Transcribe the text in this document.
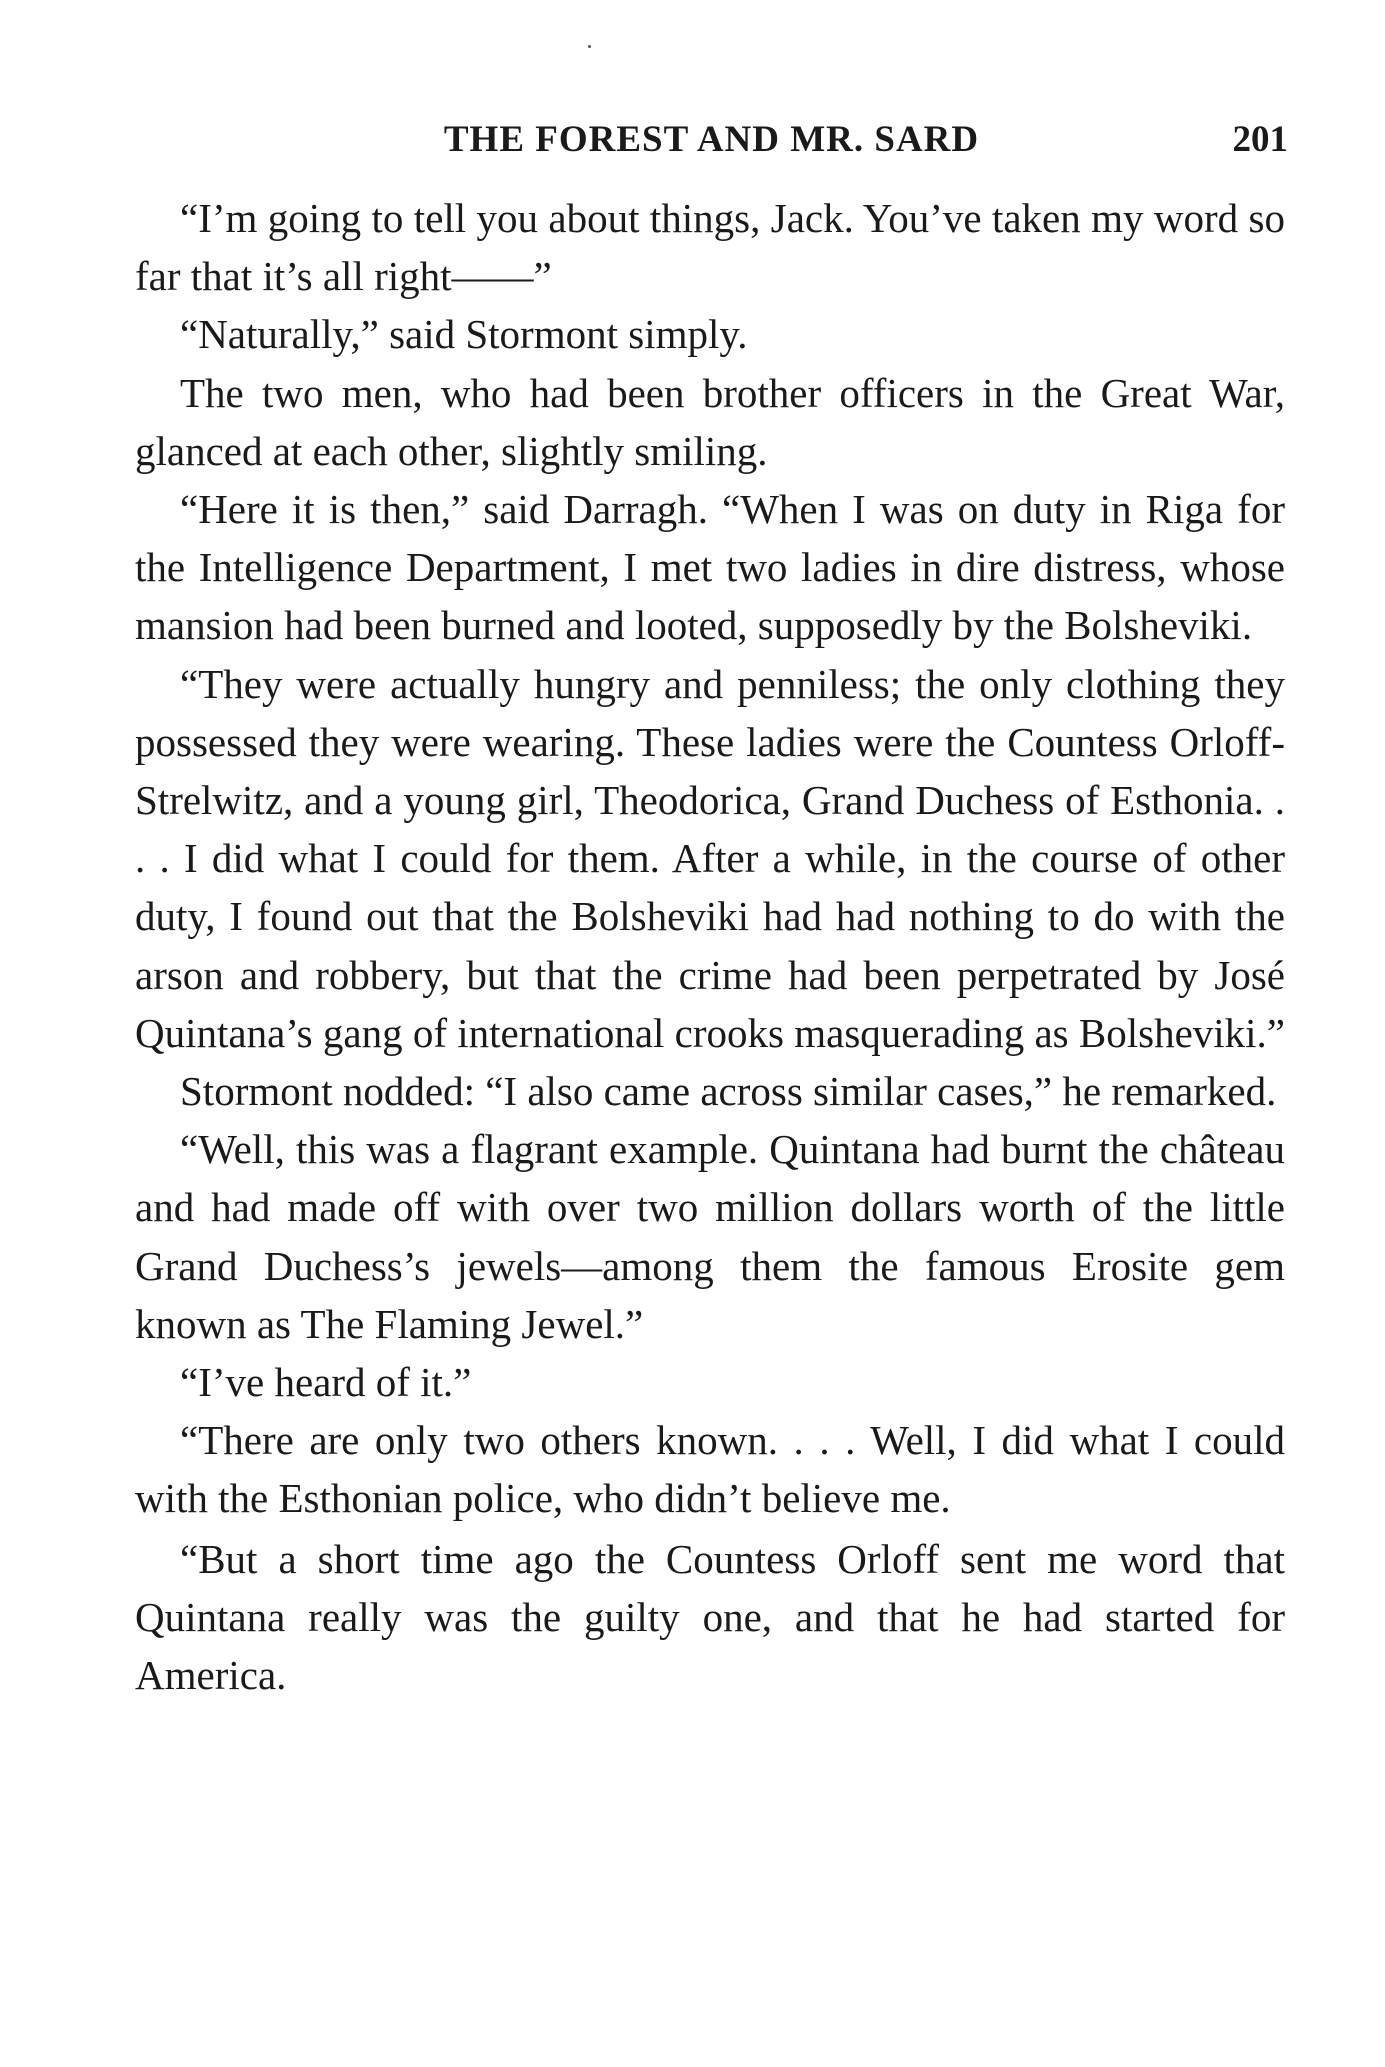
THE FOREST AND MR. SARD	201

“I’m going to tell you about things, Jack. You’ve taken my word so far that it’s all right——”

“Naturally,” said Stormont simply.

The two men, who had been brother officers in the Great War, glanced at each other, slightly smiling.

“Here it is then,” said Darragh. “When I was on duty in Riga for the Intelligence Department, I met two ladies in dire distress, whose mansion had been burned and looted, supposedly by the Bolsheviki.

“They were actually hungry and penniless; the only clothing they possessed they were wearing. These ladies were the Countess Orloff-Strelwitz, and a young girl, Theodorica, Grand Duchess of Esthonia. . . . I did what I could for them. After a while, in the course of other duty, I found out that the Bolsheviki had had nothing to do with the arson and robbery, but that the crime had been perpetrated by José Quintana’s gang of international crooks masquerading as Bolsheviki.”

Stormont nodded: “I also came across similar cases,” he remarked.

“Well, this was a flagrant example. Quintana had burnt the château and had made off with over two million dollars worth of the little Grand Duchess’s jewels—among them the famous Erosite gem known as The Flaming Jewel.”

“I’ve heard of it.”

“There are only two others known. . . . Well, I did what I could with the Esthonian police, who didn’t believe me.

“But a short time ago the Countess Orloff sent me word that Quintana really was the guilty one, and that he had started for America.
